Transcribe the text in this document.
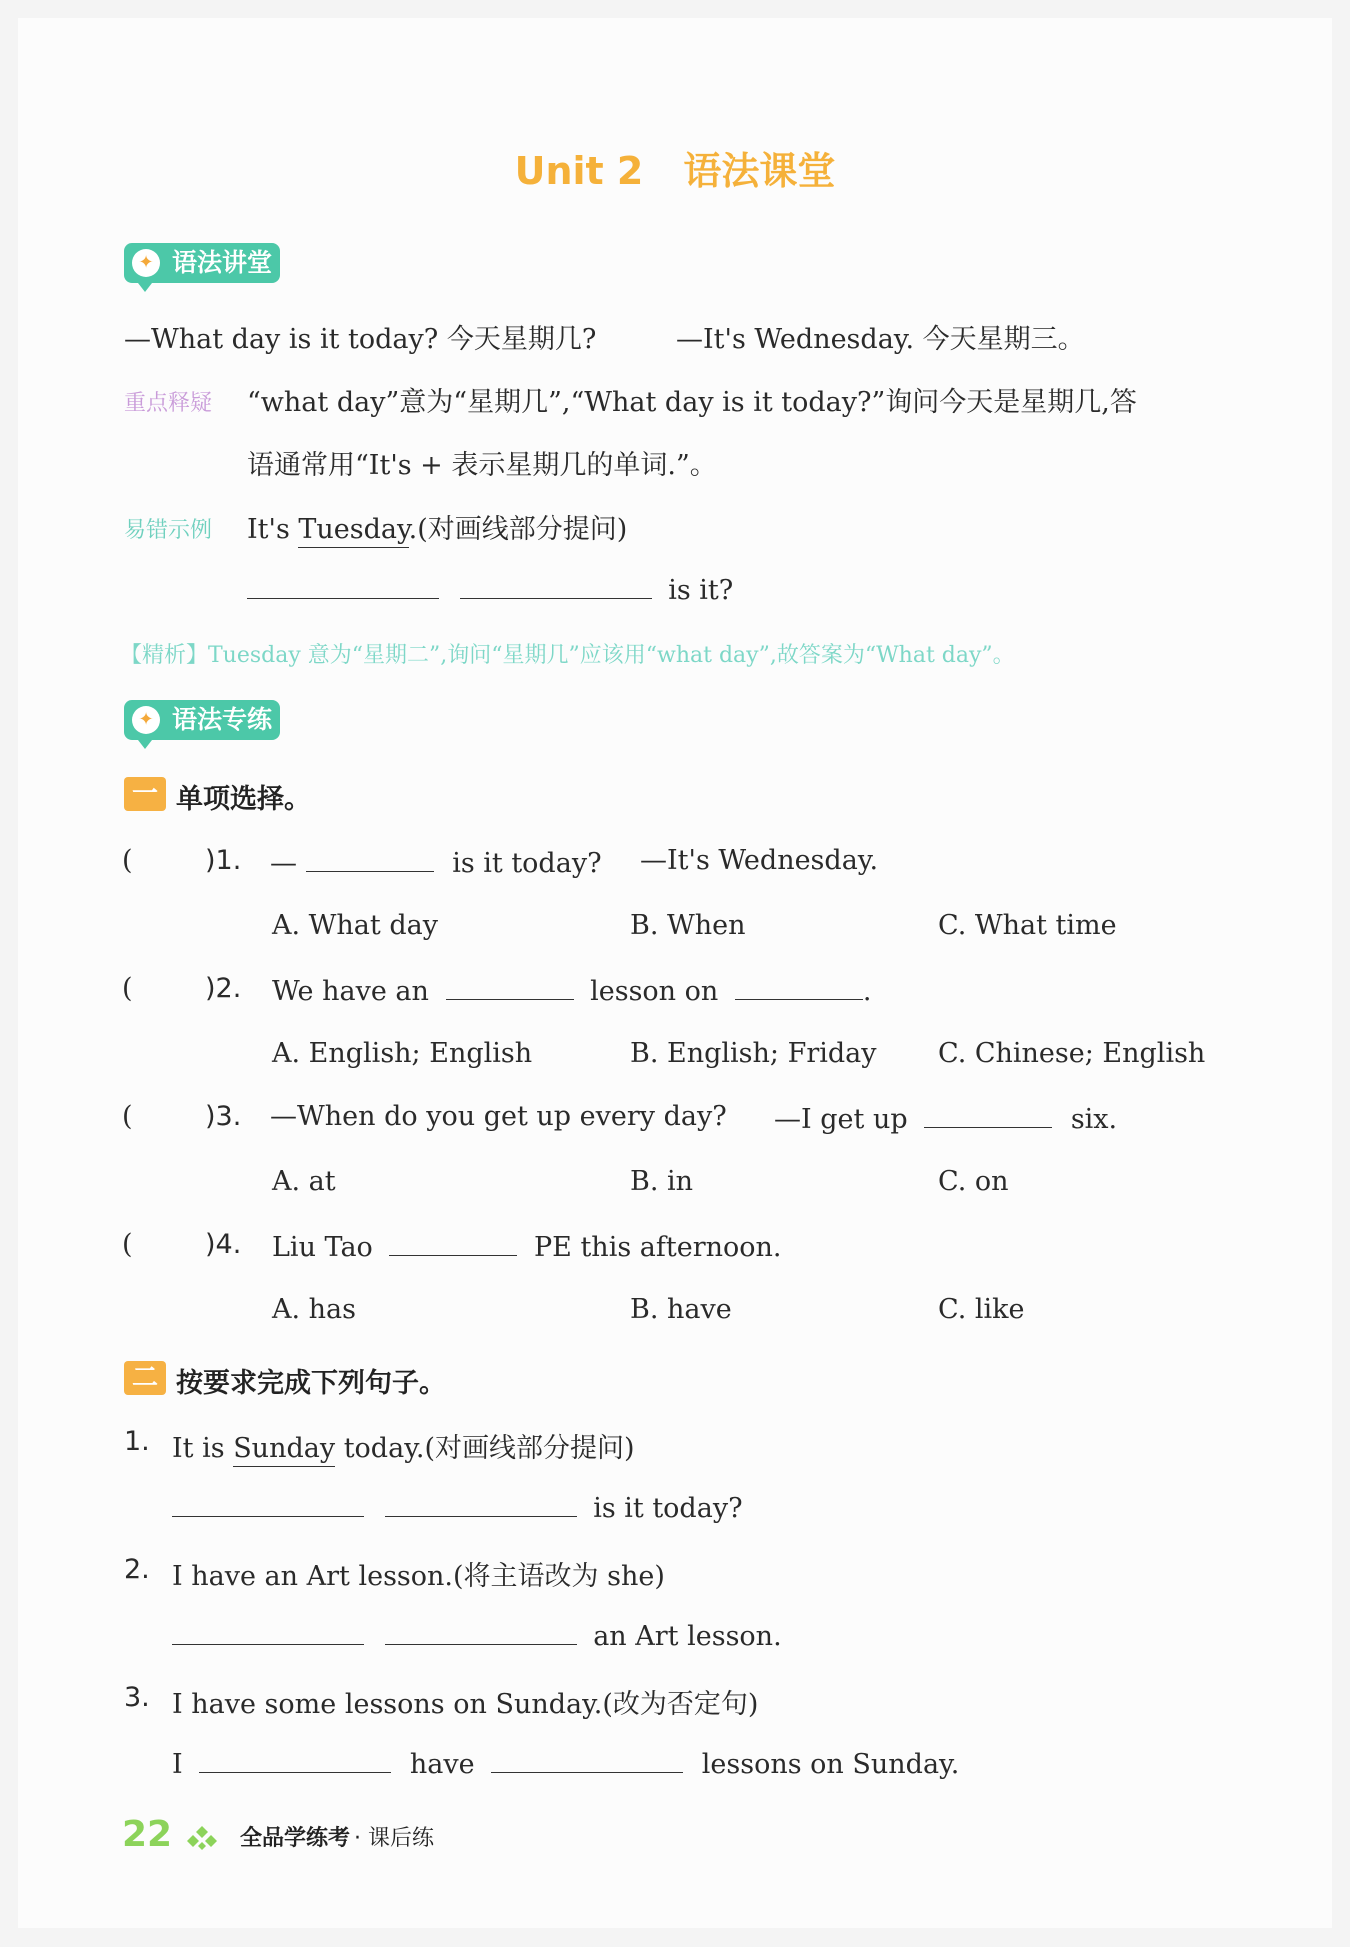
Unit 2 语法课堂
✦ 语法讲堂
—What day is it today? 今天星期几?	—It's Wednesday. 今天星期三。
重点释疑 “what day”意为“星期几”,“What day is it today?”询问今天是星期几,答
语通常用“It's + 表示星期几的单词.”。
易错示例 It's Tuesday.(对画线部分提问)
is it?
【精析】Tuesday 意为“星期二”,询问“星期几”应该用“what day”,故答案为“What day”。
✦ 语法专练
一 单项选择。
(	)1. —	is it today? —It's Wednesday.
A. What day	B. When	C. What time
(	)2. We have an	lesson on	.
A. English; English	B. English; Friday C. Chinese; English
(	)3. —When do you get up every day? —I get up	six.
A. at	B. in	C. on
(	)4. Liu Tao	PE this afternoon.
A. has	B. have	C. like
二 按要求完成下列句子。
1. It is Sunday today.(对画线部分提问)
is it today?
2. I have an Art lesson.(将主语改为 she)
an Art lesson.
3. I have some lessons on Sunday.(改为否定句)
I	have	lessons on Sunday.
22	全品学练考 · 课后练
